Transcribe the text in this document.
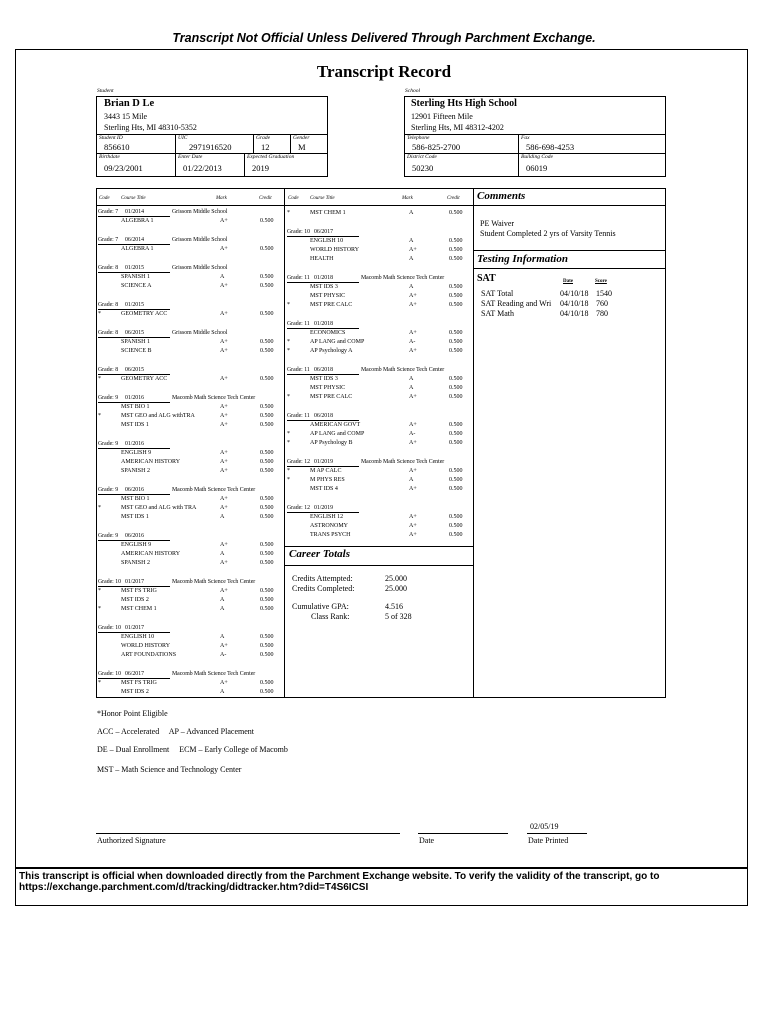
Transcript Not Official Unless Delivered Through Parchment Exchange.
Transcript Record
Student
Brian D Le
3443 15 Mile
Sterling Hts, MI 48310-5352
Student ID
856610
UIC
2971916520
Grade
12
Gender
M
Birthdate
09/23/2001
Enter Date
01/22/2013
Expected Graduation
2019
School
Sterling Hts High School
12901 Fifteen Mile
Sterling Hts, MI 48312-4202
Telephone
586-825-2700
Fax
586-698-4253
District Code
50230
Building Code
06019
Code Course Title	Mark	Credit	Code Course Title	Mark	Credit
Grade: 7 01/2014	Grissom Middle School
ALGEBRA 1	A+	0.500
Grade: 7 06/2014	Grissom Middle School
ALGEBRA 1	A+	0.500
Grade: 8 01/2015	Grissom Middle School
SPANISH 1	A	0.500
SCIENCE A	A+	0.500
Grade: 8 01/2015
*	GEOMETRY ACC	A+	0.500
Grade: 8 06/2015	Grissom Middle School
SPANISH 1	A+	0.500
SCIENCE B	A+	0.500
Grade: 8 06/2015
*	GEOMETRY ACC	A+	0.500
Grade: 9 01/2016	Macomb Math Science Tech Center
MST BIO 1	A+	0.500
*	MST GEO and ALG withTRA	A+	0.500
MST IDS 1	A+	0.500
Grade: 9 01/2016
ENGLISH 9	A+	0.500
AMERICAN HISTORY	A+	0.500
SPANISH 2	A+	0.500
Grade: 9 06/2016	Macomb Math Science Tech Center
MST BIO 1	A+	0.500
*	MST GEO and ALG with TRA	A+	0.500
MST IDS 1	A	0.500
Grade: 9 06/2016
ENGLISH 9	A+	0.500
AMERICAN HISTORY	A	0.500
SPANISH 2	A+	0.500
Grade: 10 01/2017	Macomb Math Science Tech Center
*	MST FS TRIG	A+	0.500
MST IDS 2	A	0.500
*	MST CHEM 1	A	0.500
Grade: 10 01/2017
ENGLISH 10	A	0.500
WORLD HISTORY	A+	0.500
ART FOUNDATIONS	A-	0.500
Grade: 10 06/2017	Macomb Math Science Tech Center
*	MST FS TRIG	A+	0.500
MST IDS 2	A	0.500
*	MST CHEM 1	A	0.500
Grade: 10 06/2017
ENGLISH 10	A	0.500
WORLD HISTORY	A+	0.500
HEALTH	A	0.500
Grade: 11 01/2018	Macomb Math Science Tech Center
MST IDS 3	A	0.500
MST PHYSIC	A+	0.500
*	MST PRE CALC	A+	0.500
Grade: 11 01/2018
ECONOMICS	A+	0.500
*	AP LANG and COMP	A-	0.500
*	AP Psychology A	A+	0.500
Grade: 11 06/2018	Macomb Math Science Tech Center
MST IDS 3	A	0.500
MST PHYSIC	A	0.500
*	MST PRE CALC	A+	0.500
Grade: 11 06/2018
AMERICAN GOVT	A+	0.500
*	AP LANG and COMP	A-	0.500
*	AP Psychology B	A+	0.500
Grade: 12 01/2019	Macomb Math Science Tech Center
*	M AP CALC	A+	0.500
*	M PHYS RES	A	0.500
MST IDS 4	A+	0.500
Grade: 12 01/2019
ENGLISH 12	A+	0.500
ASTRONOMY	A+	0.500
TRANS PSYCH	A+	0.500
Career Totals
Credits Attempted:	25.000
Credits Completed:	25.000
Cumulative GPA:	4.516
Class Rank:	5 of 328
Comments
PE Waiver
Student Completed 2 yrs of Varsity Tennis
Testing Information
SAT	Date	Score
SAT Total	04/10/18 1540
SAT Reading and Wri 04/10/18 760
SAT Math	04/10/18 780
*Honor Point Eligible
ACC – Accelerated     AP – Advanced Placement
DE – Dual Enrollment     ECM – Early College of Macomb
MST – Math Science and Technology Center
Authorized Signature	Date	Date Printed
02/05/19
This transcript is official when downloaded directly from the Parchment Exchange website. To verify the validity of the transcript, go to https://exchange.parchment.com/d/tracking/didtracker.htm?did=T4S6ICSI
